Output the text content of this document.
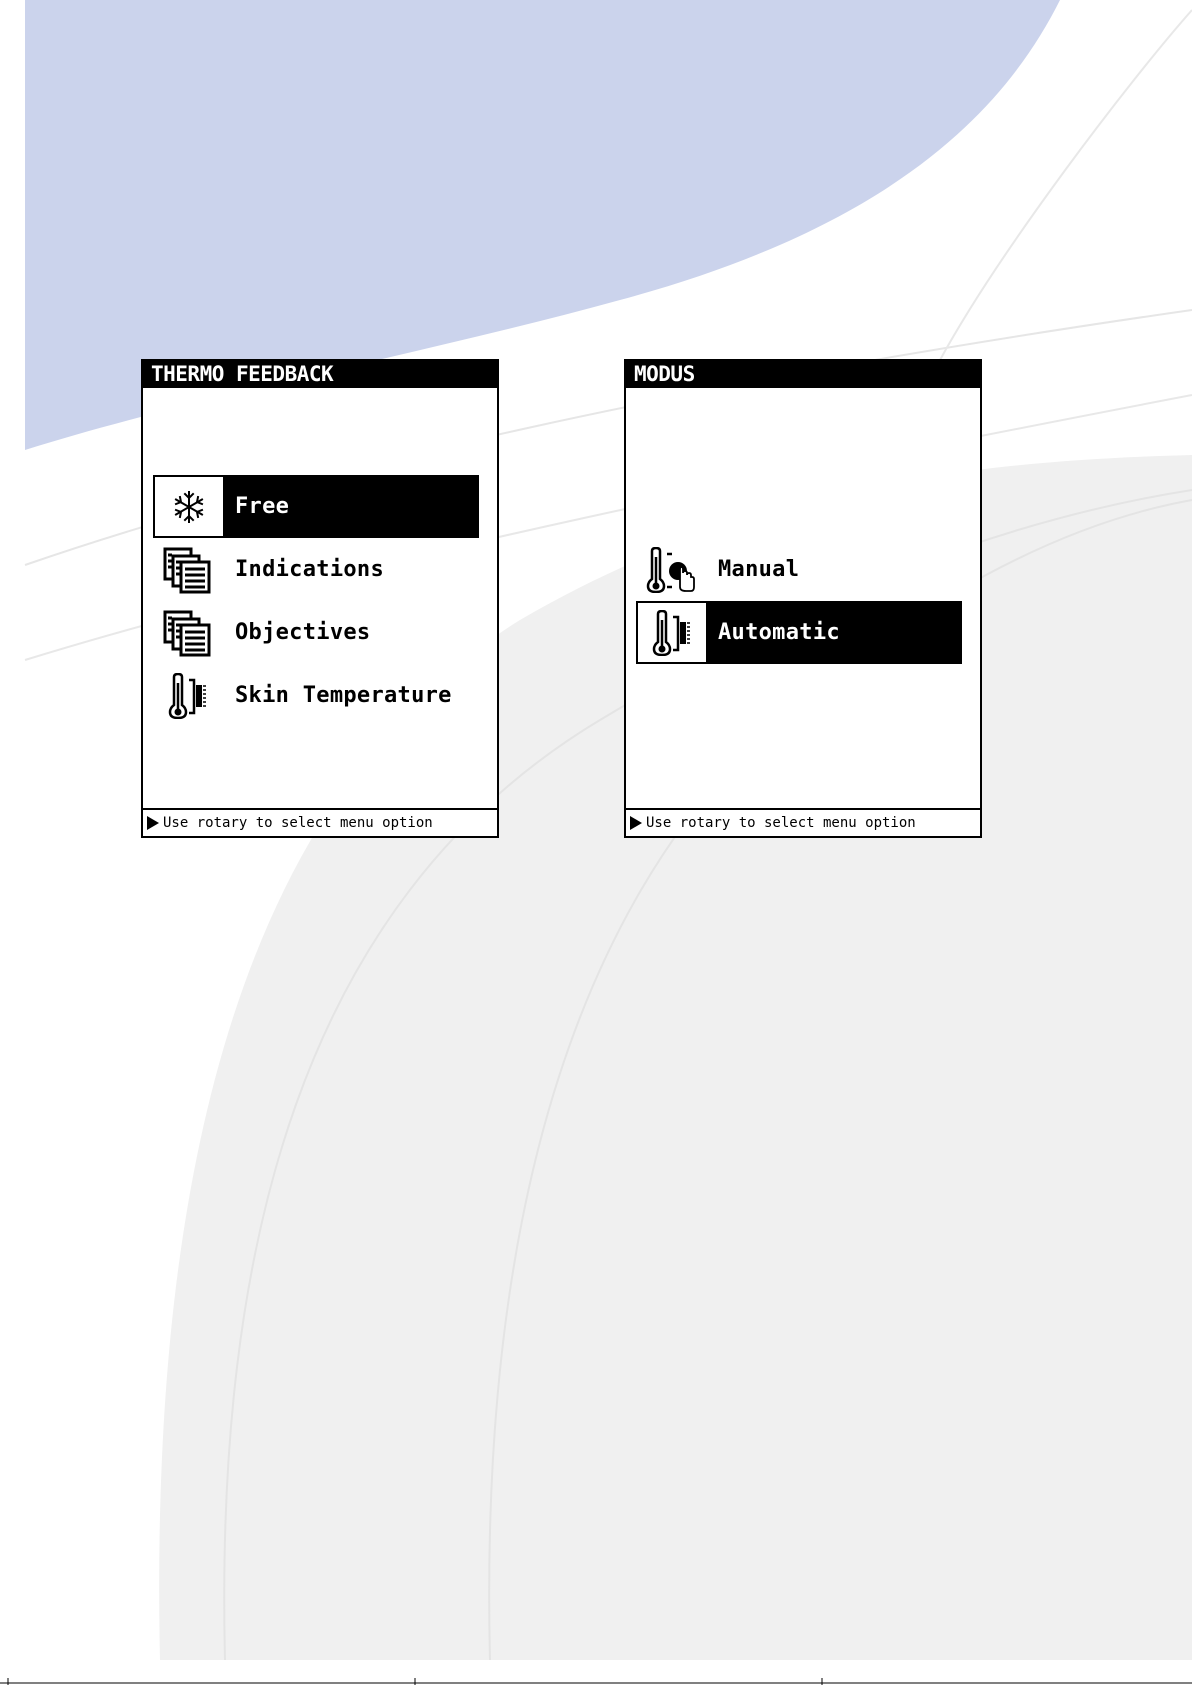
THERMO FEEDBACK
Free
Indications
Objectives
Skin Temperature
Use rotary to select menu option
MODUS
Manual
Automatic
Use rotary to select menu option
